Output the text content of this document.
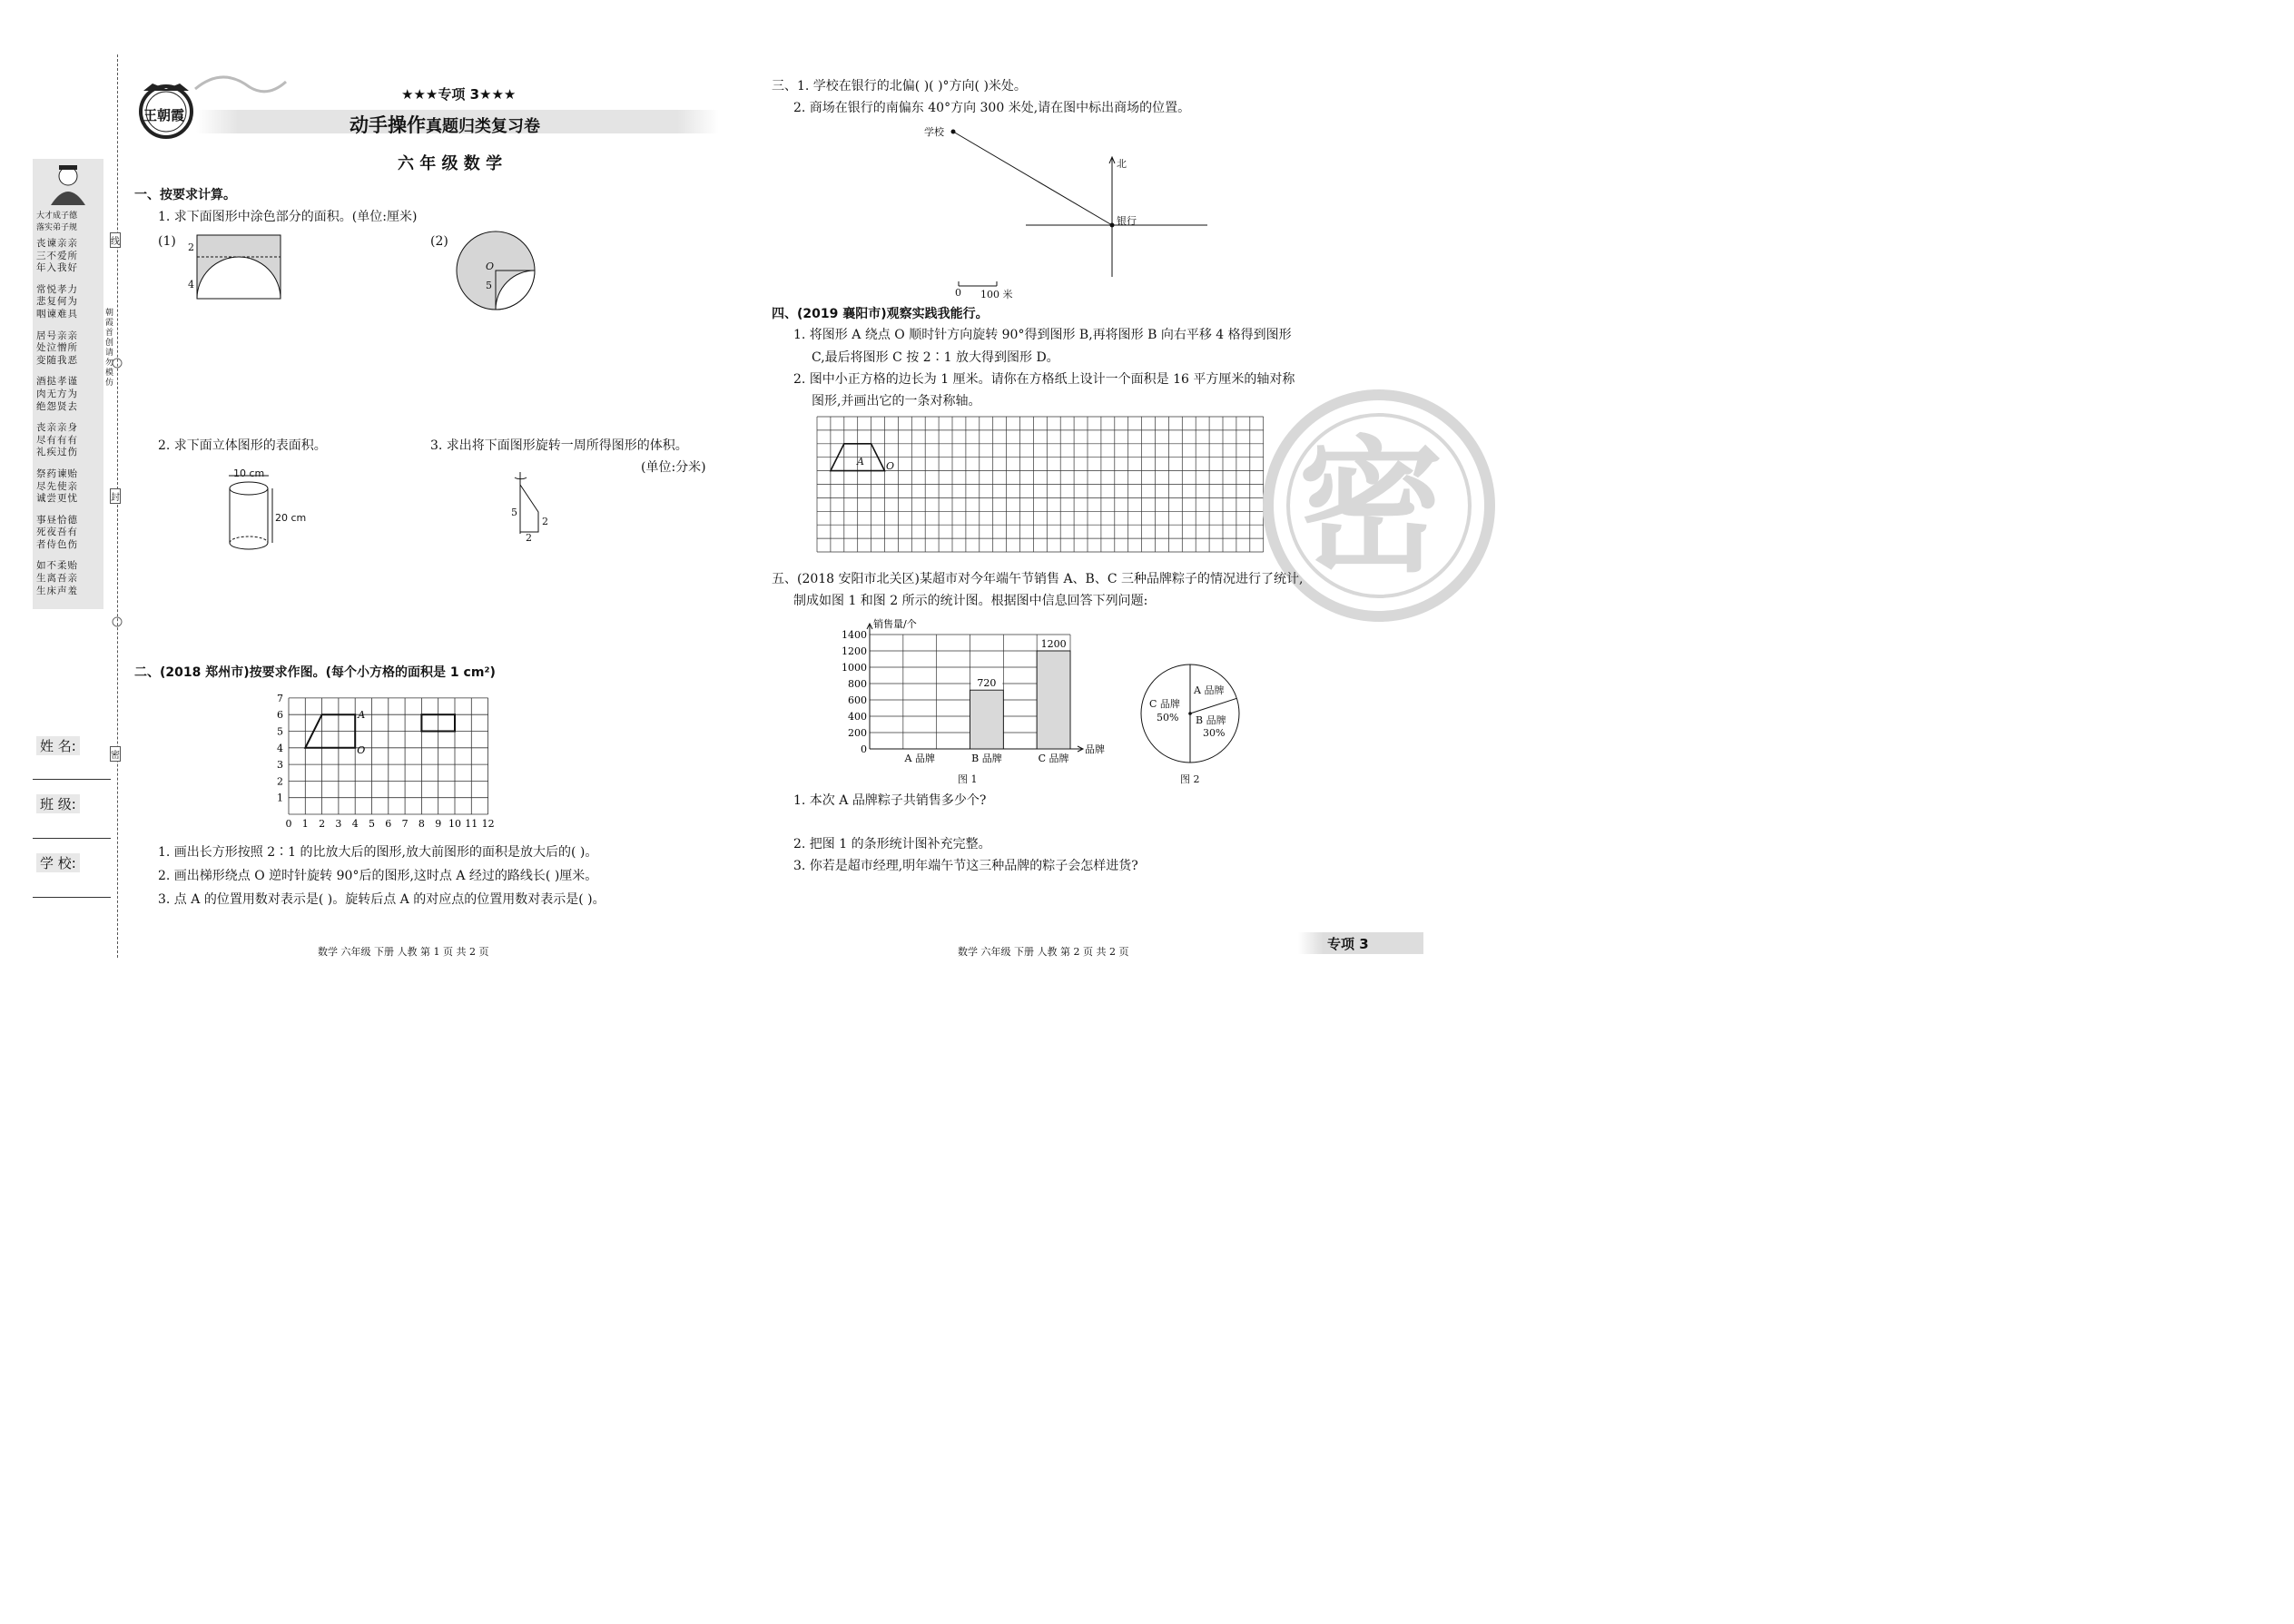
大才成子德
落实弟子规
丧谏亲亲
三不爱所
年入我好
常悦孝力
悲复何为
咽谏难具
居号亲亲
处泣憎所
变随我恶
酒挞孝谨
肉无方为
绝怨贤去
丧亲亲身
尽有有有
礼疾过伤
祭药谏贻
尽先使亲
诚尝更忧
事昼恰德
死夜吾有
者侍色伤
如不柔贻
生离吾亲
生床声羞
朝霞首创 请勿模仿
线
封
密
姓 名:
班 级:
学 校:
王朝霞
★★★专项 3★★★
动手操作真题归类复习卷
六 年 级 数 学
一、按要求计算。
1. 求下面图形中涂色部分的面积。(单位:厘米)
(1)	(2)
2
4
O
5
2. 求下面立体图形的表面积。	3. 求出将下面图形旋转一周所得图形的体积。
(单位:分米)
10 cm
20 cm	5
2
2
二、(2018 郑州市)按要求作图。(每个小方格的面积是 1 cm²)
0 1 2 3 4 5 6 7 8 9 10 11 12
1
2
3
4
5
6
7
A
O
1. 画出长方形按照 2∶1 的比放大后的图形,放大前图形的面积是放大后的( )。
2. 画出梯形绕点 O 逆时针旋转 90°后的图形,这时点 A 经过的路线长( )厘米。
3. 点 A 的位置用数对表示是( )。旋转后点 A 的对应点的位置用数对表示是( )。
三、1. 学校在银行的北偏( )( )°方向( )米处。
2. 商场在银行的南偏东 40°方向 300 米处,请在图中标出商场的位置。
学校
北
银行
0 100 米
四、(2019 襄阳市)观察实践我能行。
1. 将图形 A 绕点 O 顺时针方向旋转 90°得到图形 B,再将图形 B 向右平移 4 格得到图形
C,最后将图形 C 按 2∶1 放大得到图形 D。
2. 图中小正方格的边长为 1 厘米。请你在方格纸上设计一个面积是 16 平方厘米的轴对称
图形,并画出它的一条对称轴。
A O	密
五、(2018 安阳市北关区)某超市对今年端午节销售 A、B、C 三种品牌粽子的情况进行了统计,
制成如图 1 和图 2 所示的统计图。根据图中信息回答下列问题:
0
200
400
600
800
1000
1200
1400
销售量/个
品牌
A 品牌	B 品牌
720
C 品牌
1200
图 1
A 品牌
B 品牌
30%
C 品牌
50%
图 2
1. 本次 A 品牌粽子共销售多少个?
2. 把图 1 的条形统计图补充完整。
3. 你若是超市经理,明年端午节这三种品牌的粽子会怎样进货?
数学 六年级 下册 人教 第 1 页 共 2 页	数学 六年级 下册 人教 第 2 页 共 2 页	专项 3
